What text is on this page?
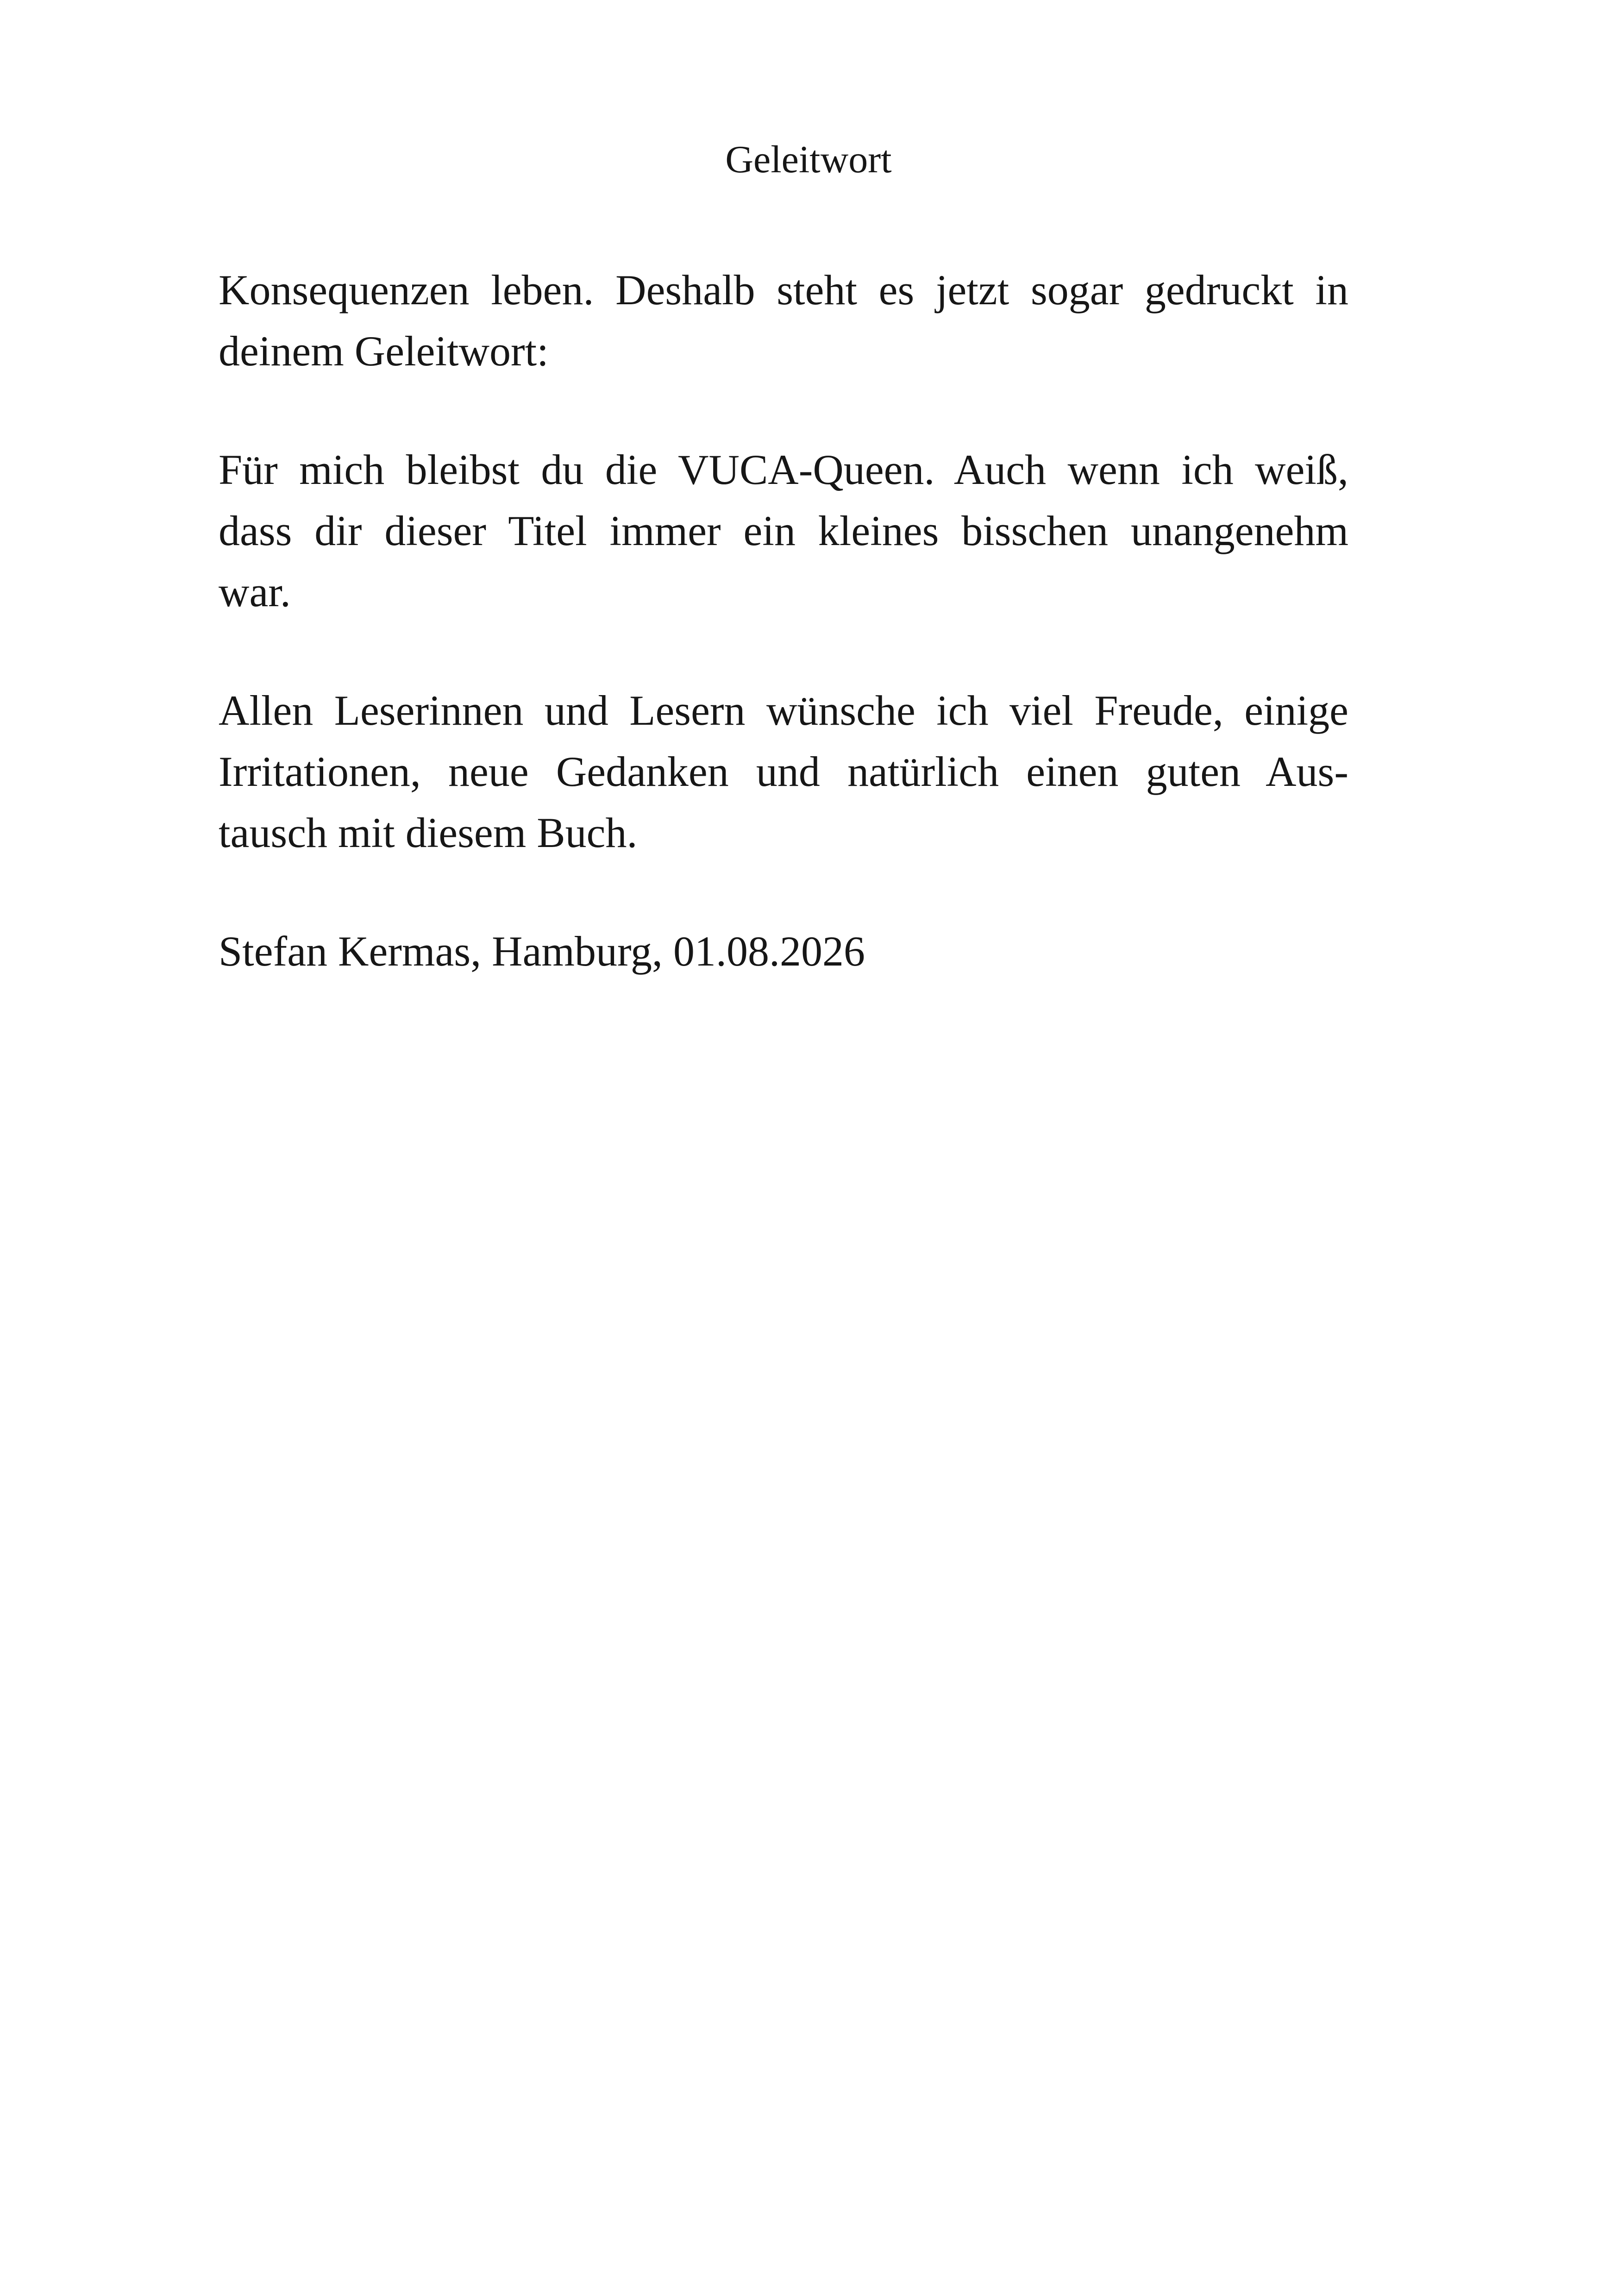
Geleitwort

Konsequenzen leben. Deshalb steht es jetzt sogar gedruckt in
deinem Geleitwort:

Für mich bleibst du die VUCA-Queen. Auch wenn ich weiß,
dass dir dieser Titel immer ein kleines bisschen unangenehm
war.

Allen Leserinnen und Lesern wünsche ich viel Freude, einige
Irritationen, neue Gedanken und natürlich einen guten Aus-
tausch mit diesem Buch.

Stefan Kermas, Hamburg, 01.08.2026
